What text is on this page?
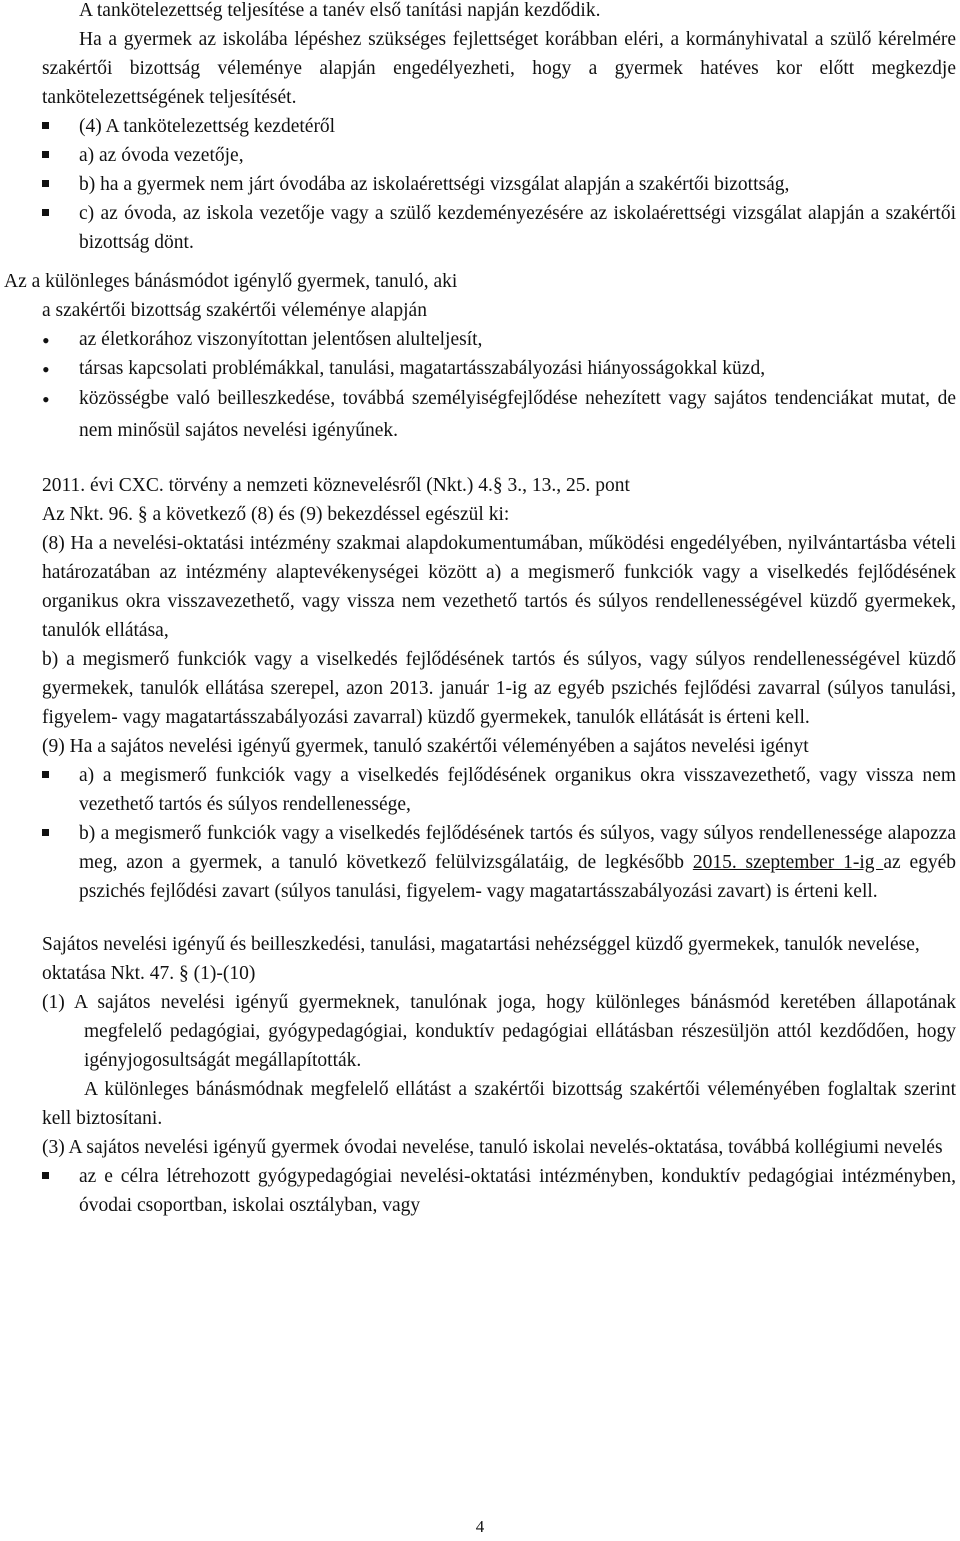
A tankötelezettség teljesítése a tanév első tanítási napján kezdődik.

Ha a gyermek az iskolába lépéshez szükséges fejlettséget korábban eléri, a kormányhivatal a szülő kérelmére szakértői bizottság véleménye alapján engedélyezheti, hogy a gyermek hatéves kor előtt megkezdje tankötelezettségének teljesítését.

(4) A tankötelezettség kezdetéről
a) az óvoda vezetője,
b) ha a gyermek nem járt óvodába az iskolaérettségi vizsgálat alapján a szakértői bizottság,
c) az óvoda, az iskola vezetője vagy a szülő kezdeményezésére az iskolaérettségi vizsgálat alapján a szakértői bizottság dönt.

Az a különleges bánásmódot igénylő gyermek, tanuló, aki

a szakértői bizottság szakértői véleménye alapján

•
az életkorához viszonyítottan jelentősen alulteljesít,
•
társas kapcsolati problémákkal, tanulási, magatartásszabályozási hiányosságokkal küzd,
•
közösségbe való beilleszkedése, továbbá személyiségfejlődése nehezített vagy sajátos tendenciákat mutat, de nem minősül sajátos nevelési igényűnek.

2011. évi CXC. törvény a nemzeti köznevelésről (Nkt.) 4.§ 3., 13., 25. pont

Az Nkt. 96. § a következő (8) és (9) bekezdéssel egészül ki:

(8) Ha a nevelési-oktatási intézmény szakmai alapdokumentumában, működési engedélyében, nyilvántartásba vételi határozatában az intézmény alaptevékenységei között a) a megismerő funkciók vagy a viselkedés fejlődésének organikus okra visszavezethető, vagy vissza nem vezethető tartós és súlyos rendellenességével küzdő gyermekek, tanulók ellátása,

b) a megismerő funkciók vagy a viselkedés fejlődésének tartós és súlyos, vagy súlyos rendellenességével küzdő gyermekek, tanulók ellátása szerepel, azon 2013. január 1-ig az egyéb pszichés fejlődési zavarral (súlyos tanulási, figyelem- vagy magatartásszabályozási zavarral) küzdő gyermekek, tanulók ellátását is érteni kell.

(9) Ha a sajátos nevelési igényű gyermek, tanuló szakértői véleményében a sajátos nevelési igényt

a) a megismerő funkciók vagy a viselkedés fejlődésének organikus okra visszavezethető, vagy vissza nem vezethető tartós és súlyos rendellenessége,
b) a megismerő funkciók vagy a viselkedés fejlődésének tartós és súlyos, vagy súlyos rendellenessége alapozza meg, azon a gyermek, a tanuló következő felülvizsgálatáig, de legkésőbb 2015. szeptember 1-ig az egyéb pszichés fejlődési zavart (súlyos tanulási, figyelem- vagy magatartásszabályozási zavart) is érteni kell.

Sajátos nevelési igényű és beilleszkedési, tanulási, magatartási nehézséggel küzdő gyermekek, tanulók nevelése, oktatása Nkt. 47. § (1)-(10)

(1) A sajátos nevelési igényű gyermeknek, tanulónak joga, hogy különleges bánásmód keretében állapotának megfelelő pedagógiai, gyógypedagógiai, konduktív pedagógiai ellátásban részesüljön attól kezdődően, hogy igényjogosultságát megállapították.

A különleges bánásmódnak megfelelő ellátást a szakértői bizottság szakértői véleményében foglaltak szerint kell biztosítani.

(3) A sajátos nevelési igényű gyermek óvodai nevelése, tanuló iskolai nevelés-oktatása, továbbá kollégiumi nevelés

az e célra létrehozott gyógypedagógiai nevelési-oktatási intézményben, konduktív pedagógiai intézményben, óvodai csoportban, iskolai osztályban, vagy
4
